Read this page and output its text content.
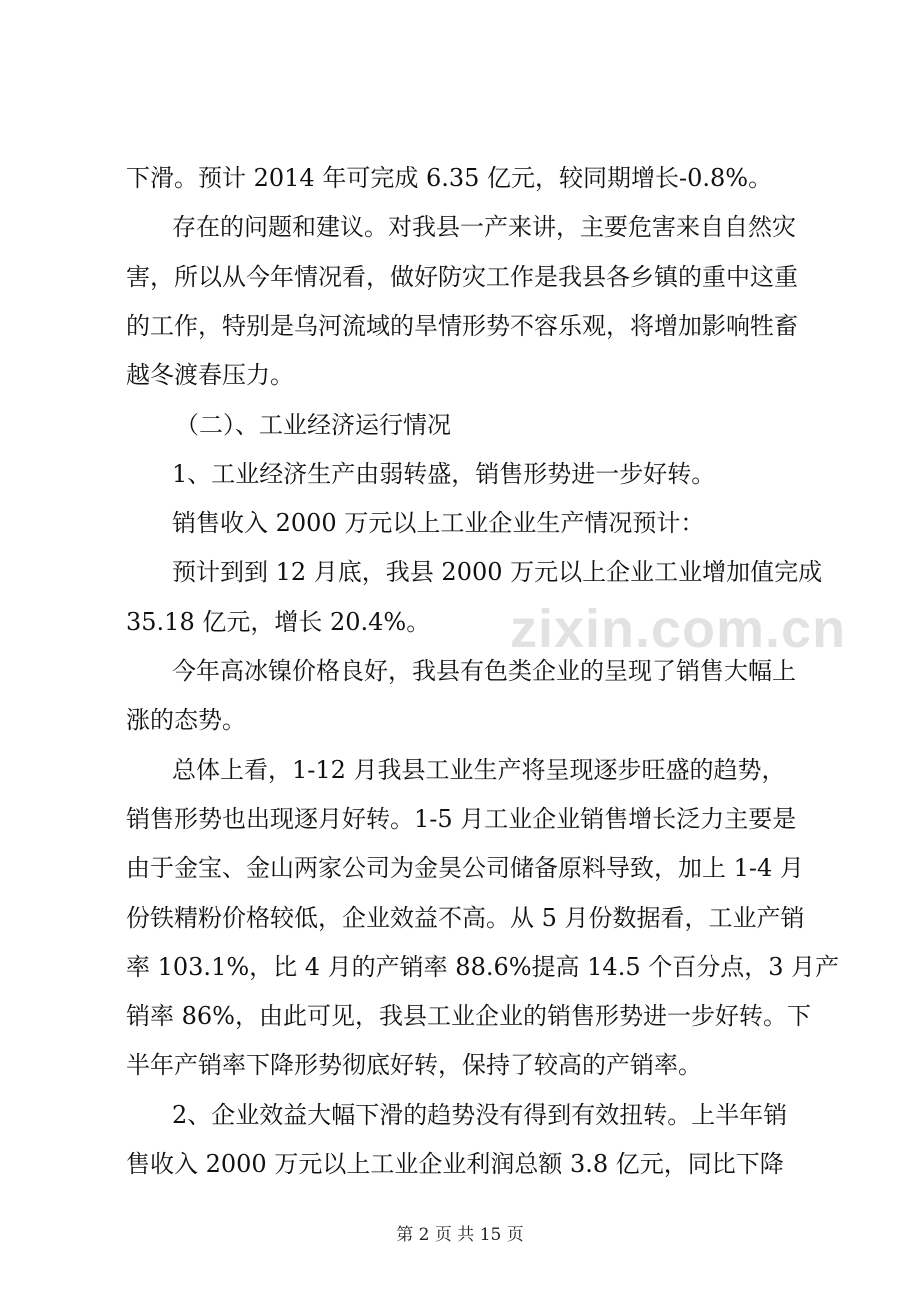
下滑。预计 2014 年可完成 6.35 亿元，较同期增长-0.8%。
存在的问题和建议。对我县一产来讲，主要危害来自自然灾
害，所以从今年情况看，做好防灾工作是我县各乡镇的重中这重
的工作，特别是乌河流域的旱情形势不容乐观，将增加影响牲畜
越冬渡春压力。
（二）、工业经济运行情况
1、工业经济生产由弱转盛，销售形势进一步好转。
销售收入 2000 万元以上工业企业生产情况预计：
预计到到 12 月底，我县 2000 万元以上企业工业增加值完成
35.18 亿元，增长 20.4%。
今年高冰镍价格良好，我县有色类企业的呈现了销售大幅上
涨的态势。
总体上看，1-12 月我县工业生产将呈现逐步旺盛的趋势，
销售形势也出现逐月好转。1-5 月工业企业销售增长泛力主要是
由于金宝、金山两家公司为金昊公司储备原料导致，加上 1-4 月
份铁精粉价格较低，企业效益不高。从 5 月份数据看，工业产销
率 103.1%，比 4 月的产销率 88.6%提高 14.5 个百分点，3 月产
销率 86%，由此可见，我县工业企业的销售形势进一步好转。下
半年产销率下降形势彻底好转，保持了较高的产销率。
2、企业效益大幅下滑的趋势没有得到有效扭转。上半年销
售收入 2000 万元以上工业企业利润总额 3.8 亿元，同比下降
zixin.com.cn
第 2 页 共 15 页
